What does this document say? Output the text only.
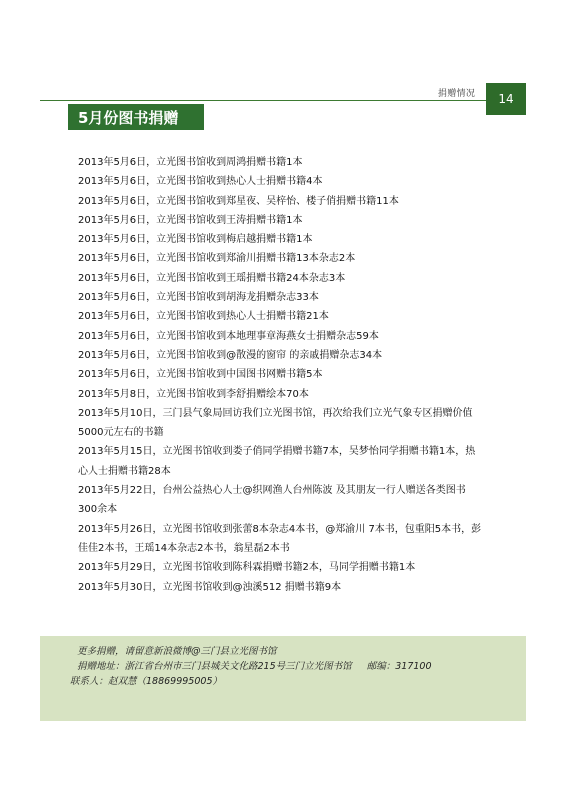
捐赠情况	14
5月份图书捐赠

2013年5月6日，立光图书馆收到周鸿捐赠书籍1本

2013年5月6日，立光图书馆收到热心人士捐赠书籍4本

2013年5月6日，立光图书馆收到郑星夜、吴梓怡、楼子俏捐赠书籍11本

2013年5月6日，立光图书馆收到王涛捐赠书籍1本

2013年5月6日，立光图书馆收到梅启越捐赠书籍1本

2013年5月6日，立光图书馆收到郑渝川捐赠书籍13本杂志2本

2013年5月6日，立光图书馆收到王瑶捐赠书籍24本杂志3本

2013年5月6日，立光图书馆收到胡海龙捐赠杂志33本

2013年5月6日，立光图书馆收到热心人士捐赠书籍21本

2013年5月6日，立光图书馆收到本地理事章海燕女士捐赠杂志59本

2013年5月6日，立光图书馆收到@散漫的窗帘 的亲戚捐赠杂志34本

2013年5月6日，立光图书馆收到中国图书网赠书籍5本

2013年5月8日，立光图书馆收到李舒捐赠绘本70本

2013年5月10日，三门县气象局回访我们立光图书馆，再次给我们立光气象专区捐赠价值5000元左右的书籍

2013年5月15日，立光图书馆收到娄子俏同学捐赠书籍7本，吴梦怡同学捐赠书籍1本，热心人士捐赠书籍28本

2013年5月22日，台州公益热心人士@织网渔人台州陈波 及其朋友一行人赠送各类图书300余本

2013年5月26日，立光图书馆收到张蕾8本杂志4本书，@郑渝川 7本书，包重阳5本书，彭佳佳2本书，王瑶14本杂志2本书，翁星磊2本书

2013年5月29日，立光图书馆收到陈科霖捐赠书籍2本，马同学捐赠书籍1本

2013年5月30日，立光图书馆收到@浊溪512 捐赠书籍9本

更多捐赠，请留意新浪微博@三门县立光图书馆
捐赠地址：浙江省台州市三门县城关文化路215号三门立光图书馆     邮编：317100
联系人：赵双慧（18869995005）
